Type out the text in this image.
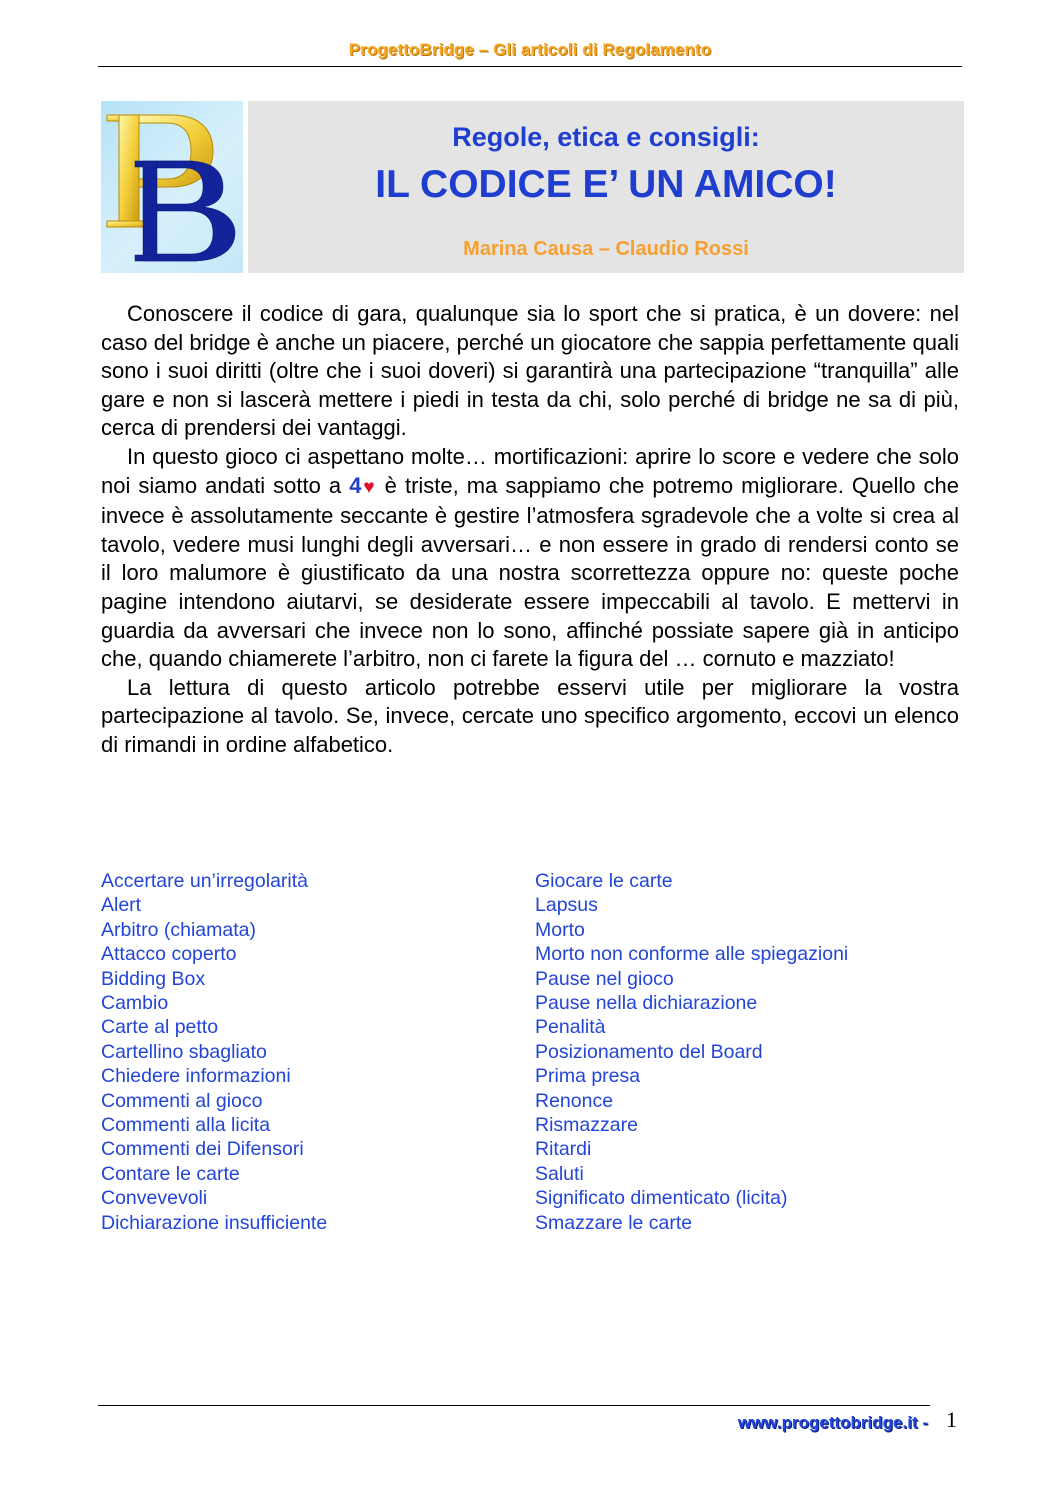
ProgettoBridge – Gli articoli di Regolamento
Regole, etica e consigli:
IL CODICE E’ UN AMICO!
Marina Causa – Claudio Rossi

Conoscere il codice di gara, qualunque sia lo sport che si pratica, è un dovere: nel caso del bridge è anche un piacere, perché un giocatore che sappia perfettamente quali sono i suoi diritti (oltre che i suoi doveri) si garantirà una partecipazione “tranquilla” alle gare e non si lascerà mettere i piedi in testa da chi, solo perché di bridge ne sa di più, cerca di prendersi dei vantaggi.

In questo gioco ci aspettano molte… mortificazioni: aprire lo score e vedere che solo noi siamo andati sotto a 4♥ è triste, ma sappiamo che potremo migliorare. Quello che invece è assolutamente seccante è gestire l’atmosfera sgradevole che a volte si crea al tavolo, vedere musi lunghi degli avversari… e non essere in grado di rendersi conto se il loro malumore è giustificato da una nostra scorrettezza oppure no: queste poche pagine intendono aiutarvi, se desiderate essere impeccabili al tavolo. E mettervi in guardia da avversari che invece non lo sono, affinché possiate sapere già in anticipo che, quando chiamerete l’arbitro, non ci farete la figura del … cornuto e mazziato!

La lettura di questo articolo potrebbe esservi utile per migliorare la vostra partecipazione al tavolo. Se, invece, cercate uno specifico argomento, eccovi un elenco di rimandi in ordine alfabetico.

Accertare un’irregolarità
Alert
Arbitro (chiamata)
Attacco coperto
Bidding Box
Cambio
Carte al petto
Cartellino sbagliato
Chiedere informazioni
Commenti al gioco
Commenti alla licita
Commenti dei Difensori
Contare le carte
Convevevoli
Dichiarazione insufficiente
Giocare le carte
Lapsus
Morto
Morto non conforme alle spiegazioni
Pause nel gioco
Pause nella dichiarazione
Penalità
Posizionamento del Board
Prima presa
Renonce
Rismazzare
Ritardi
Saluti
Significato dimenticato (licita)
Smazzare le carte
www.progettobridge.it - 1
